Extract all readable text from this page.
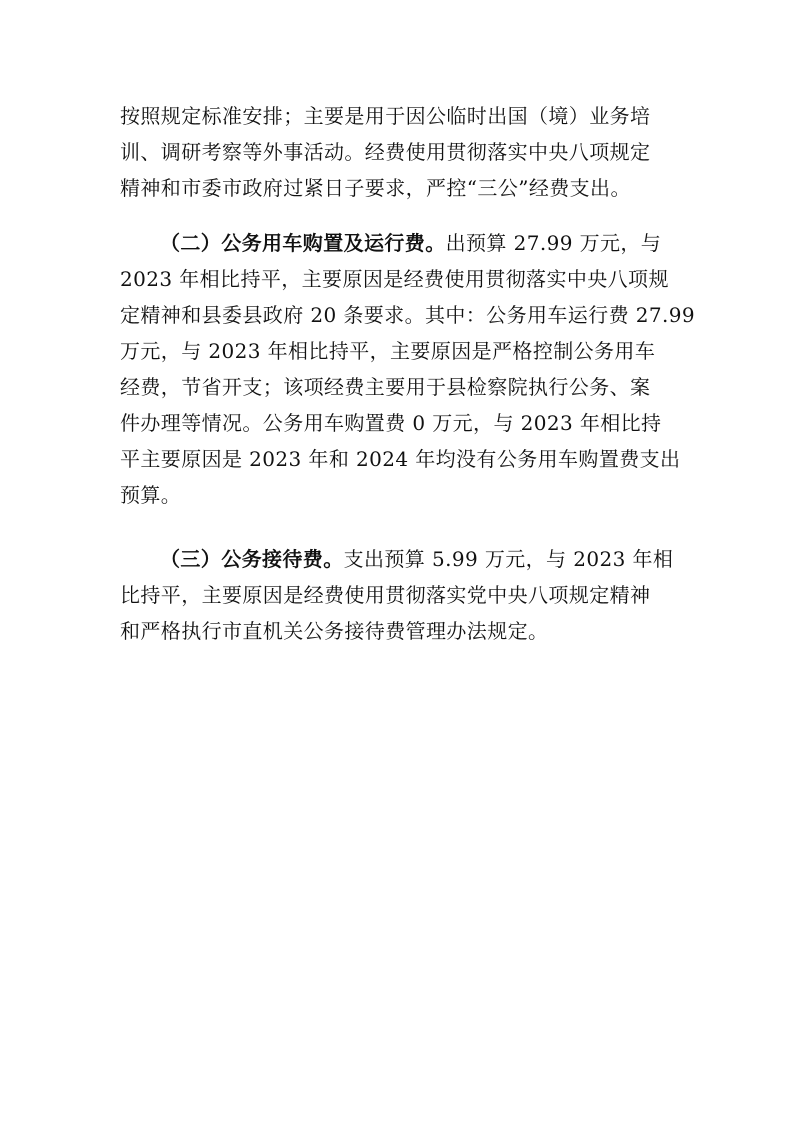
按照规定标准安排；主要是用于因公临时出国（境）业务培
训、调研考察等外事活动。经费使用贯彻落实中央八项规定
精神和市委市政府过紧日子要求，严控“三公”经费支出。
（二）公务用车购置及运行费。出预算 27.99 万元，与
2023 年相比持平，主要原因是经费使用贯彻落实中央八项规
定精神和县委县政府 20 条要求。其中：公务用车运行费 27.99
万元，与 2023 年相比持平，主要原因是严格控制公务用车
经费，节省开支；该项经费主要用于县检察院执行公务、案
件办理等情况。公务用车购置费 0 万元，与 2023 年相比持
平主要原因是 2023 年和 2024 年均没有公务用车购置费支出
预算。
（三）公务接待费。支出预算 5.99 万元，与 2023 年相
比持平，主要原因是经费使用贯彻落实党中央八项规定精神
和严格执行市直机关公务接待费管理办法规定。
